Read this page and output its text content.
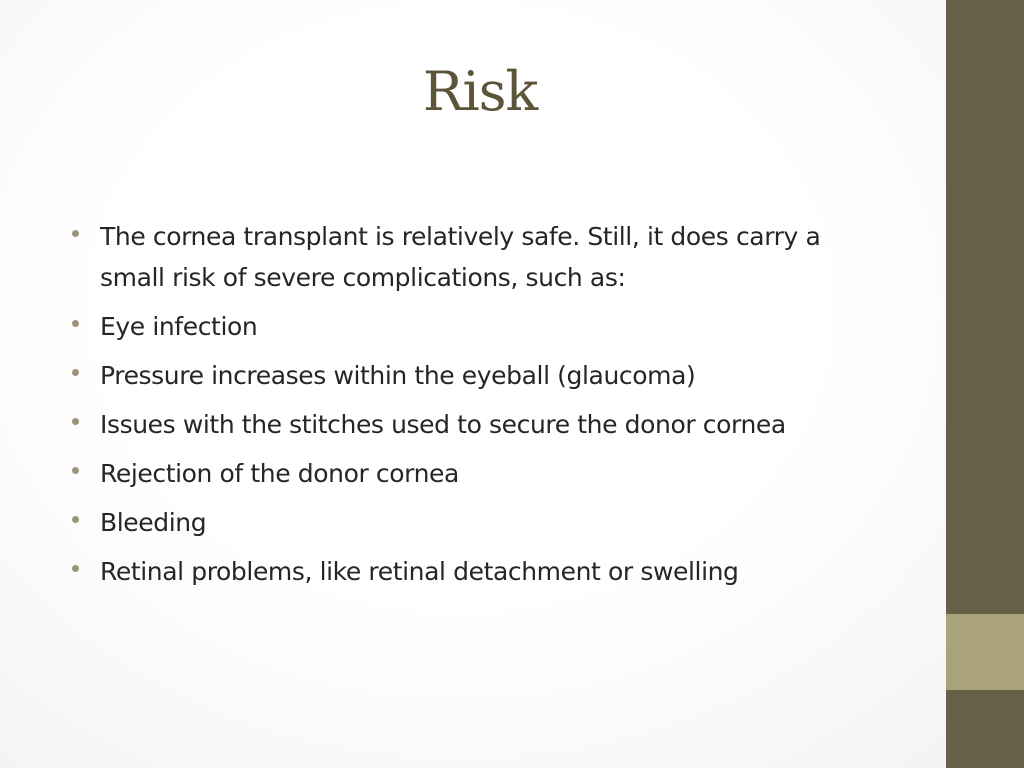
Risk
The cornea transplant is relatively safe. Still, it does carry a small risk of severe complications, such as:
Eye infection
Pressure increases within the eyeball (glaucoma)
Issues with the stitches used to secure the donor cornea
Rejection of the donor cornea
Bleeding
Retinal problems, like retinal detachment or swelling
